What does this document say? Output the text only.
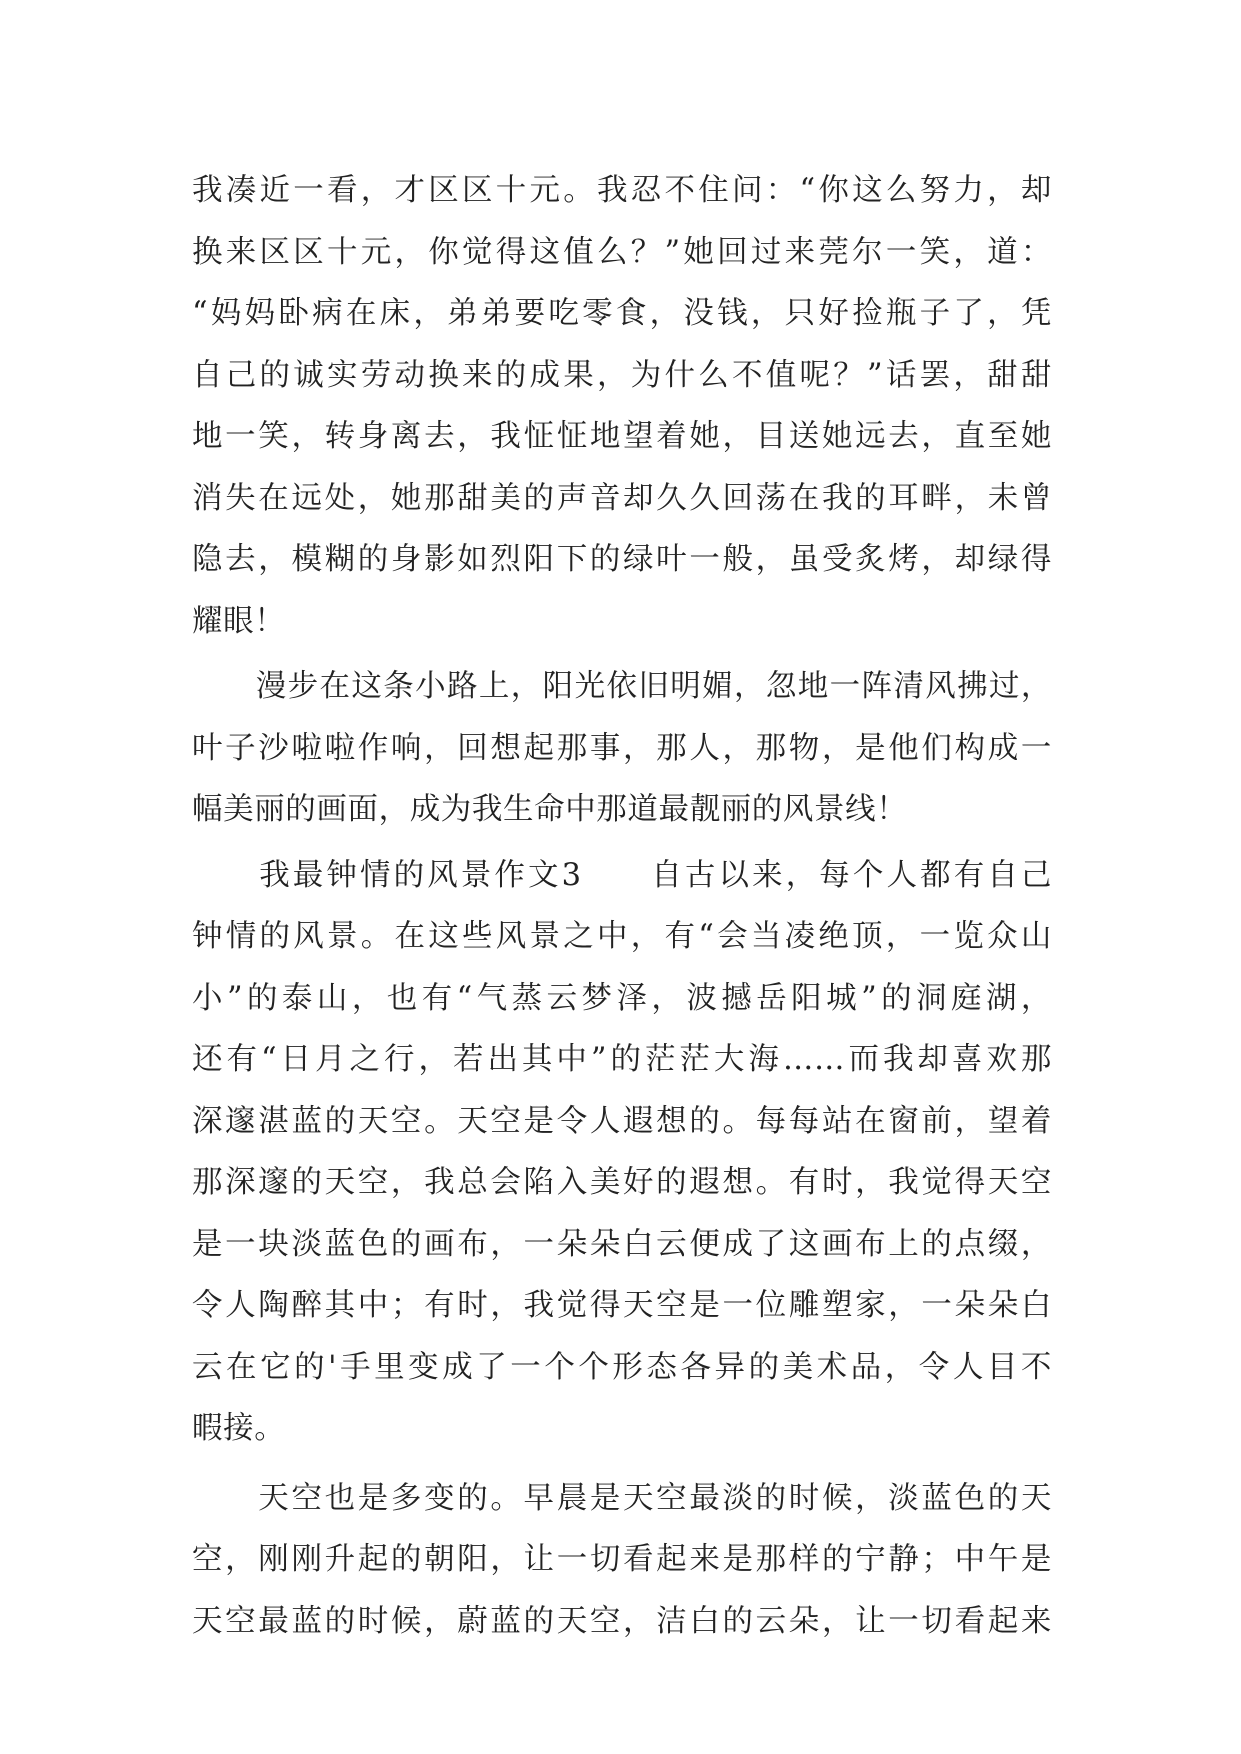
我凑近一看，才区区十元。我忍不住问：“你这么努力，却
换来区区十元，你觉得这值么？”她回过来莞尔一笑，道：
“妈妈卧病在床，弟弟要吃零食，没钱，只好捡瓶子了，凭
自己的诚实劳动换来的成果，为什么不值呢？”话罢，甜甜
地一笑，转身离去，我怔怔地望着她，目送她远去，直至她
消失在远处，她那甜美的声音却久久回荡在我的耳畔，未曾
隐去，模糊的身影如烈阳下的绿叶一般，虽受炙烤，却绿得
耀眼！
　　漫步在这条小路上，阳光依旧明媚，忽地一阵清风拂过，
叶子沙啦啦作响，回想起那事，那人，那物，是他们构成一
幅美丽的画面，成为我生命中那道最靓丽的风景线！
　　我最钟情的风景作文3　　自古以来，每个人都有自己
钟情的风景。在这些风景之中，有“会当凌绝顶，一览众山
小”的泰山，也有“气蒸云梦泽，波撼岳阳城”的洞庭湖，
还有“日月之行，若出其中”的茫茫大海……而我却喜欢那
深邃湛蓝的天空。天空是令人遐想的。每每站在窗前，望着
那深邃的天空，我总会陷入美好的遐想。有时，我觉得天空
是一块淡蓝色的画布，一朵朵白云便成了这画布上的点缀，
令人陶醉其中；有时，我觉得天空是一位雕塑家，一朵朵白
云在它的'手里变成了一个个形态各异的美术品，令人目不
暇接。
　　天空也是多变的。早晨是天空最淡的时候，淡蓝色的天
空，刚刚升起的朝阳，让一切看起来是那样的宁静；中午是
天空最蓝的时候，蔚蓝的天空，洁白的云朵，让一切看起来
